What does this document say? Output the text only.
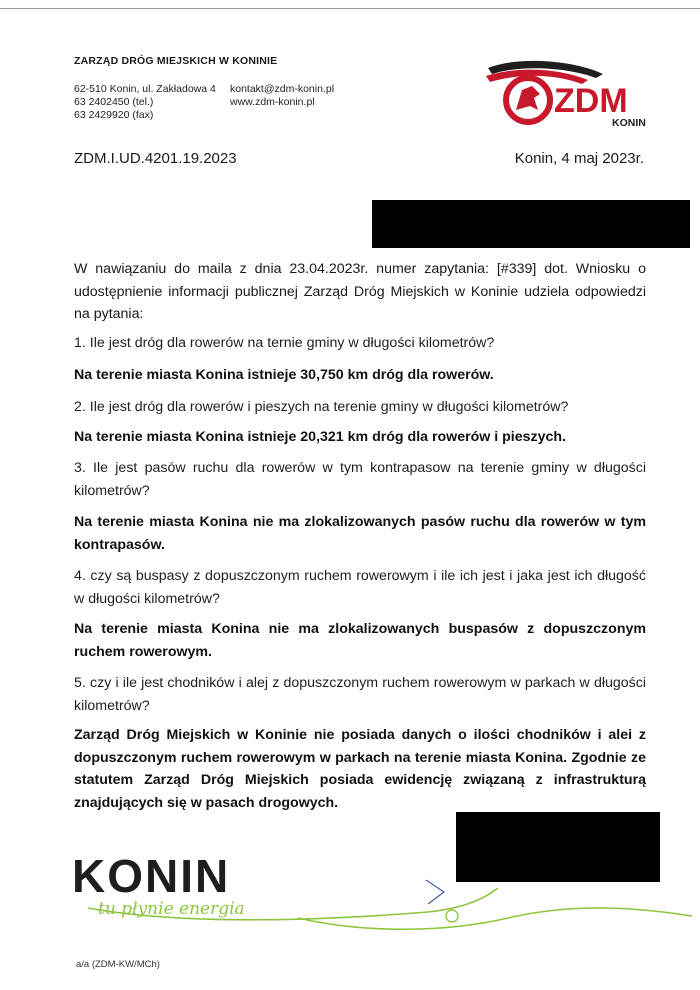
ZARZĄD DRÓG MIEJSKICH W KONINIE
62-510 Konin, ul. Zakładowa 4
63 2402450 (tel.)
63 2429920 (fax)
kontakt@zdm-konin.pl
www.zdm-konin.pl	ZDM
KONIN
ZDM.I.UD.4201.19.2023	Konin, 4 maj 2023r.
W nawiązaniu do maila z dnia 23.04.2023r. numer zapytania: [#339] dot. Wniosku o udostępnienie informacji publicznej Zarząd Dróg Miejskich w Koninie udziela odpowiedzi na pytania:
1. Ile jest dróg dla rowerów na ternie gminy w długości kilometrów?
Na terenie miasta Konina istnieje 30,750 km dróg dla rowerów.
2. Ile jest dróg dla rowerów i pieszych na terenie gminy w długości kilometrów?
Na terenie miasta Konina istnieje 20,321 km dróg dla rowerów i pieszych.
3. Ile jest pasów ruchu dla rowerów w tym kontrapasow na terenie gminy w długości kilometrów?
Na terenie miasta Konina nie ma zlokalizowanych pasów ruchu dla rowerów w tym kontrapasów.
4. czy są buspasy z dopuszczonym ruchem rowerowym i ile ich jest i jaka jest ich długość w długości kilometrów?
Na terenie miasta Konina nie ma zlokalizowanych buspasów z dopuszczonym ruchem rowerowym.
5. czy i ile jest chodników i alej z dopuszczonym ruchem rowerowym w parkach w długości kilometrów?
Zarząd Dróg Miejskich w Koninie nie posiada danych o ilości chodników i alei z dopuszczonym ruchem rowerowym w parkach na terenie miasta Konina. Zgodnie ze statutem Zarząd Dróg Miejskich posiada ewidencję związaną z infrastrukturą znajdujących się w pasach drogowych.
KONIN
tu płynie energia
a/a (ZDM-KW/MCh)
